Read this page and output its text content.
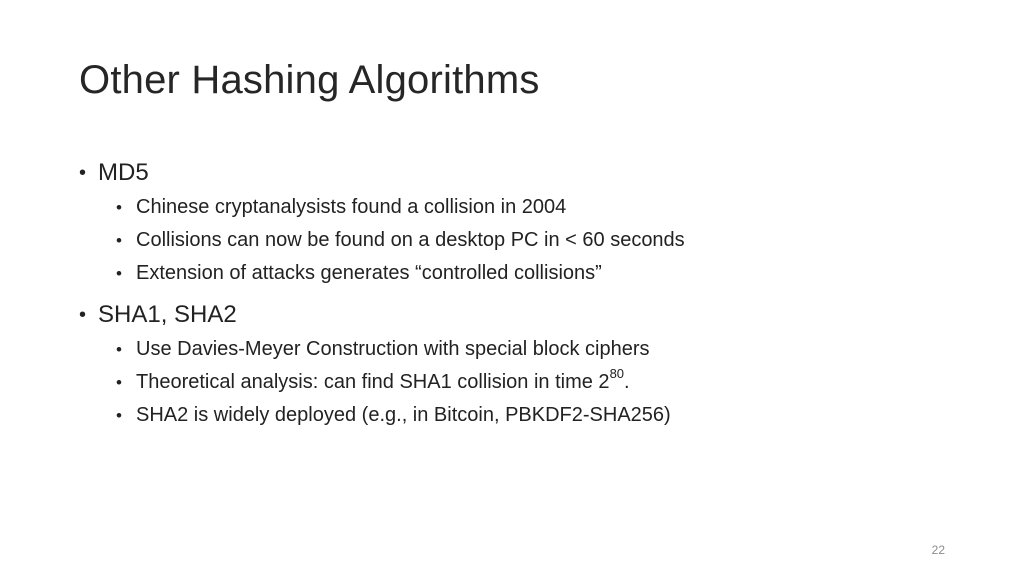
Other Hashing Algorithms
• MD5
• Chinese cryptanalysists found a collision in 2004
• Collisions can now be found on a desktop PC in < 60 seconds
• Extension of attacks generates “controlled collisions”
• SHA1, SHA2
• Use Davies-Meyer Construction with special block ciphers
• Theoretical analysis: can find SHA1 collision in time $2^{80}$.
• SHA2 is widely deployed (e.g., in Bitcoin, PBKDF2-SHA256)
22
